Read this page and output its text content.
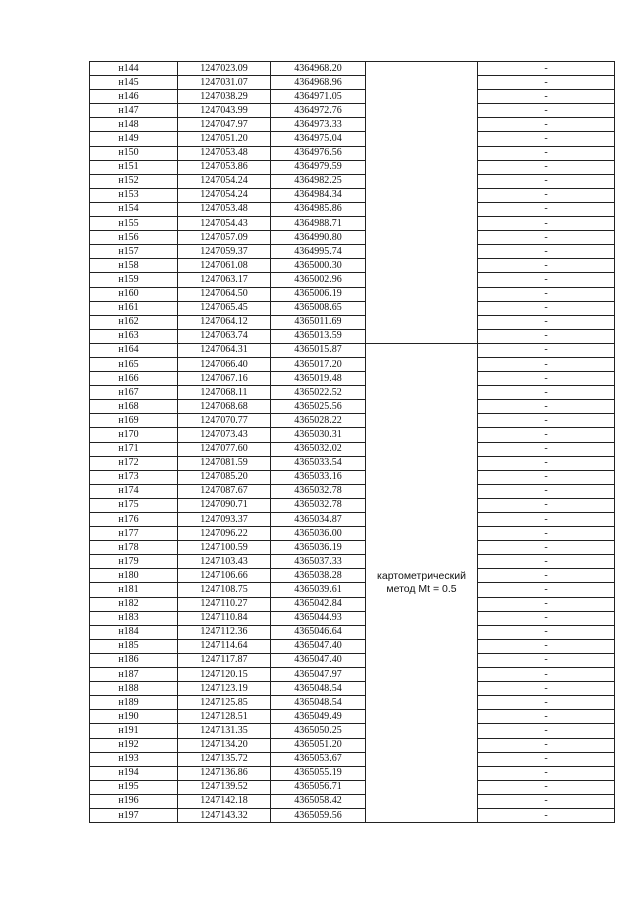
н144	1247023.09	4364968.20		-
н145	1247031.07	4364968.96		-
н146	1247038.29	4364971.05		-
н147	1247043.99	4364972.76		-
н148	1247047.97	4364973.33		-
н149	1247051.20	4364975.04		-
н150	1247053.48	4364976.56		-
н151	1247053.86	4364979.59		-
н152	1247054.24	4364982.25		-
н153	1247054.24	4364984.34		-
н154	1247053.48	4364985.86		-
н155	1247054.43	4364988.71		-
н156	1247057.09	4364990.80		-
н157	1247059.37	4364995.74		-
н158	1247061.08	4365000.30		-
н159	1247063.17	4365002.96		-
н160	1247064.50	4365006.19		-
н161	1247065.45	4365008.65		-
н162	1247064.12	4365011.69		-
н163	1247063.74	4365013.59		-
н164	1247064.31	4365015.87	картометрический
метод Mt = 0.5	-
н165	1247066.40	4365017.20		-
н166	1247067.16	4365019.48		-
н167	1247068.11	4365022.52		-
н168	1247068.68	4365025.56		-
н169	1247070.77	4365028.22		-
н170	1247073.43	4365030.31		-
н171	1247077.60	4365032.02		-
н172	1247081.59	4365033.54		-
н173	1247085.20	4365033.16		-
н174	1247087.67	4365032.78		-
н175	1247090.71	4365032.78		-
н176	1247093.37	4365034.87		-
н177	1247096.22	4365036.00		-
н178	1247100.59	4365036.19		-
н179	1247103.43	4365037.33		-
н180	1247106.66	4365038.28		-
н181	1247108.75	4365039.61		-
н182	1247110.27	4365042.84		-
н183	1247110.84	4365044.93		-
н184	1247112.36	4365046.64		-
н185	1247114.64	4365047.40		-
н186	1247117.87	4365047.40		-
н187	1247120.15	4365047.97		-
н188	1247123.19	4365048.54		-
н189	1247125.85	4365048.54		-
н190	1247128.51	4365049.49		-
н191	1247131.35	4365050.25		-
н192	1247134.20	4365051.20		-
н193	1247135.72	4365053.67		-
н194	1247136.86	4365055.19		-
н195	1247139.52	4365056.71		-
н196	1247142.18	4365058.42		-
н197	1247143.32	4365059.56		-
